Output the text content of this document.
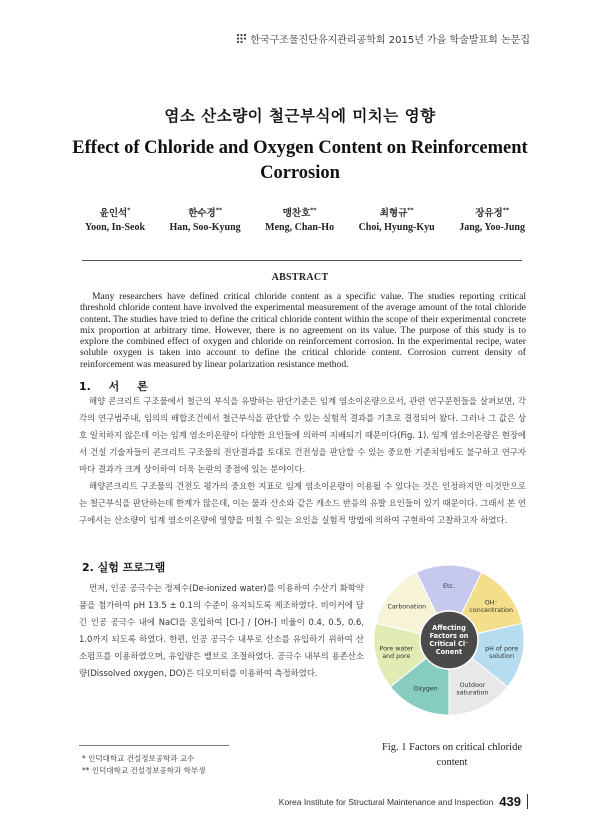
한국구조물진단유지관리공학회 2015년 가을 학술발표회 논문집
염소 산소량이 철근부식에 미치는 영향
Effect of Chloride and Oxygen Content on Reinforcement Corrosion
윤인석*
Yoon, In-Seok
한수경**
Han, Soo-Kyung
맹찬호**
Meng, Chan-Ho
최형규**
Choi, Hyung-Kyu
장유정**
Jang, Yoo-Jung
ABSTRACT
Many researchers have defined critical chloride content as a specific value. The studies reporting critical threshold chloride content have involved the experimental measurement of the average amount of the total chloride content. The studies have tried to define the critical chloride content within the scope of their experimental concrete mix proportion at arbitrary time. However, there is no agreement on its value. The purpose of this study is to explore the combined effect of oxygen and chloride on reinforcement corrosion. In the experimental recipe, water soluble oxygen is taken into account to define the critical chloride content. Corrosion current density of reinforcement was measured by linear polarization resistance method.
1. 서 론
해양 콘크리트 구조물에서 철근의 부식을 유발하는 판단기준은 임계 염소이온량으로서, 관련 연구문헌들을 살펴보면, 각각의 연구범주내, 임의의 배합조건에서 철근부식을 판단할 수 있는 실험적 결과를 기초로 결정되어 왔다. 그러나 그 값은 상호 일치하지 않은데 이는 임계 염소이온량이 다양한 요인들에 의하여 지배되기 때문이다(Fig. 1). 임계 염소이온량은 현장에서 건설 기술자들이 콘크리트 구조물의 진단결과를 토대로 건전성을 판단할 수 있는 중요한 기준치임에도 불구하고 연구자마다 결과가 크게 상이하여 더욱 논란의 중점에 있는 분야이다.
해양콘크리트 구조물의 건전도 평가의 중요한 지표로 임계 염소이온량이 이용될 수 있다는 것은 인정하지만 이것만으로는 철근부식을 판단하는데 한계가 많은데, 이는 물과 산소와 같은 캐소드 반응의 유발 요인들이 있기 때문이다. 그래서 본 연구에서는 산소량이 임계 염소이온량에 영향을 미칠 수 있는 요인을 실험적 방법에 의하여 구현하여 고찰하고자 하였다.
2. 실험 프로그램
먼저, 인공 공극수는 정제수(De-ionized water)를 이용하여 수산기 화학약품을 첨가하여 pH 13.5 ± 0.1의 수준이 유지되도록 제조하였다. 비이커에 담긴 인공 공극수 내에 NaCl을 혼입하여 [Cl-] / [OH-] 비율이 0.4, 0.5, 0.6, 1.0까지 되도록 하였다. 한편, 인공 공극수 내부로 산소를 유입하기 위하여 산소펌프를 이용하였으며, 유입량은 밸브로 조절하였다. 공극수 내부의 용존산소량(Dissolved oxygen, DO)은 디오미터를 이용하여 측정하였다.
Etc.
OH⁻ concentration
pH of pore solution
Outdoor saturation
Oxygen
Pore water and pore
Carbonation
Affecting Factors on Critical Cl⁻ Conent
Fig. 1 Factors on critical chloride content
* 인덕대학교 건설정보공학과 교수
** 인덕대학교 건설정보공학과 학부생
Korea Institute for Structural Maintenance and Inspection 439
